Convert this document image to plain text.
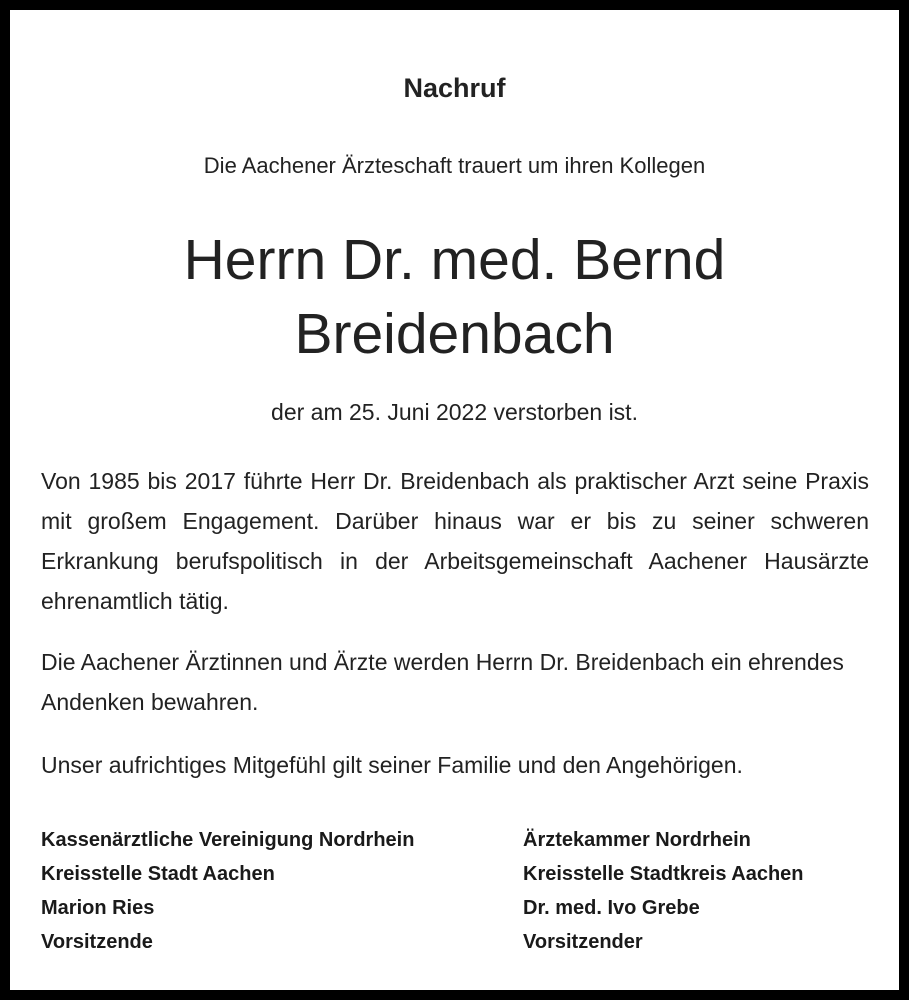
Nachruf
Die Aachener Ärzteschaft trauert um ihren Kollegen
Herrn Dr. med. Bernd
Breidenbach
der am 25. Juni 2022 verstorben ist.

Von 1985 bis 2017 führte Herr Dr. Breidenbach als praktischer Arzt seine Praxis mit großem Engagement. Darüber hinaus war er bis zu seiner schweren Erkrankung berufspolitisch in der Arbeitsgemeinschaft Aachener Hausärzte ehrenamtlich tätig.

Die Aachener Ärztinnen und Ärzte werden Herrn Dr. Breidenbach ein ehrendes Andenken bewahren.

Unser aufrichtiges Mitgefühl gilt seiner Familie und den Angehörigen.

Kassenärztliche Vereinigung Nordrhein
Kreisstelle Stadt Aachen
Marion Ries
Vorsitzende
Ärztekammer Nordrhein
Kreisstelle Stadtkreis Aachen
Dr. med. Ivo Grebe
Vorsitzender
